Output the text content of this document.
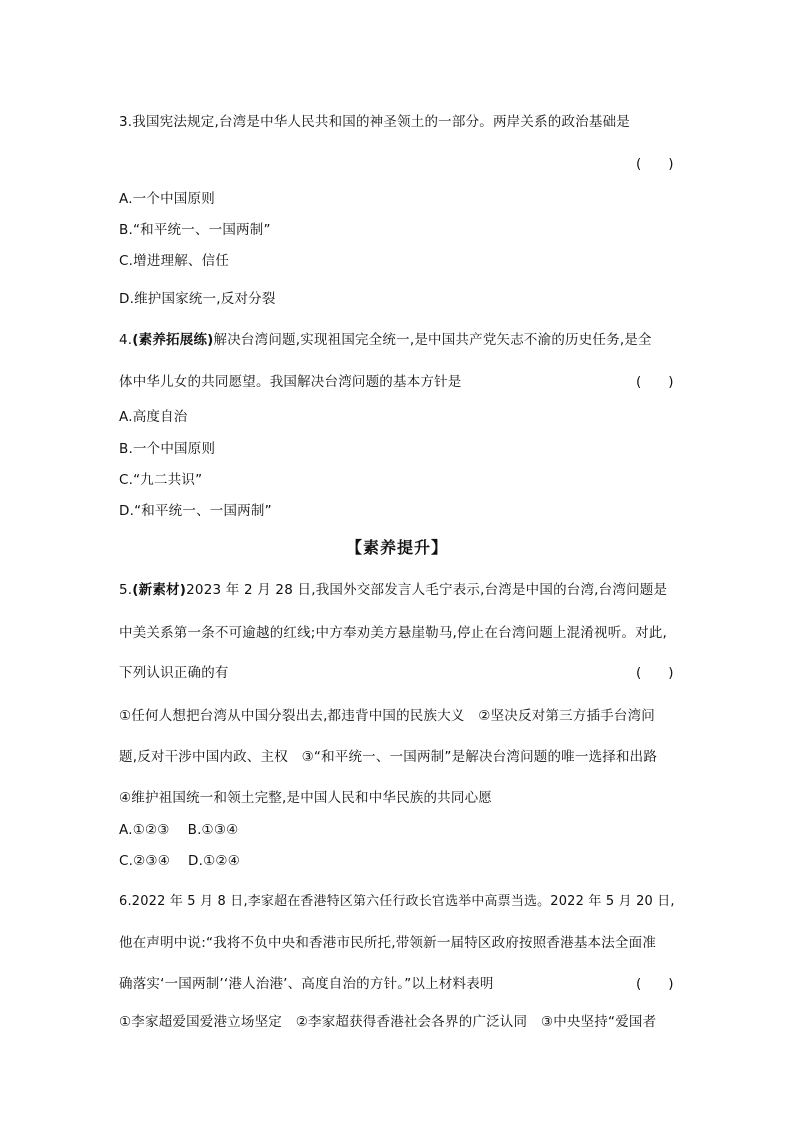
3.我国宪法规定,台湾是中华人民共和国的神圣领土的一部分。两岸关系的政治基础是
(　　)
A.一个中国原则
B.“和平统一、一国两制”
C.增进理解、信任
D.维护国家统一,反对分裂
4.(素养拓展练)解决台湾问题,实现祖国完全统一,是中国共产党矢志不渝的历史任务,是全
体中华儿女的共同愿望。我国解决台湾问题的基本方针是	(　　)
A.高度自治
B.一个中国原则
C.“九二共识”
D.“和平统一、一国两制”
【素养提升】
5.(新素材)2023 年 2 月 28 日,我国外交部发言人毛宁表示,台湾是中国的台湾,台湾问题是
中美关系第一条不可逾越的红线;中方奉劝美方悬崖勒马,停止在台湾问题上混淆视听。对此,
下列认识正确的有	(　　)
①任何人想把台湾从中国分裂出去,都违背中国的民族大义　②坚决反对第三方插手台湾问
题,反对干涉中国内政、主权　③“和平统一、一国两制”是解决台湾问题的唯一选择和出路
④维护祖国统一和领土完整,是中国人民和中华民族的共同心愿
A.①②③ B.①③④
C.②③④ D.①②④
6.2022 年 5 月 8 日,李家超在香港特区第六任行政长官选举中高票当选。2022 年 5 月 20 日,
他在声明中说:“我将不负中央和香港市民所托,带领新一届特区政府按照香港基本法全面准
确落实‘一国两制’‘港人治港’、高度自治的方针。”以上材料表明	(　　)
①李家超爱国爱港立场坚定　②李家超获得香港社会各界的广泛认同　③中央坚持“爱国者
